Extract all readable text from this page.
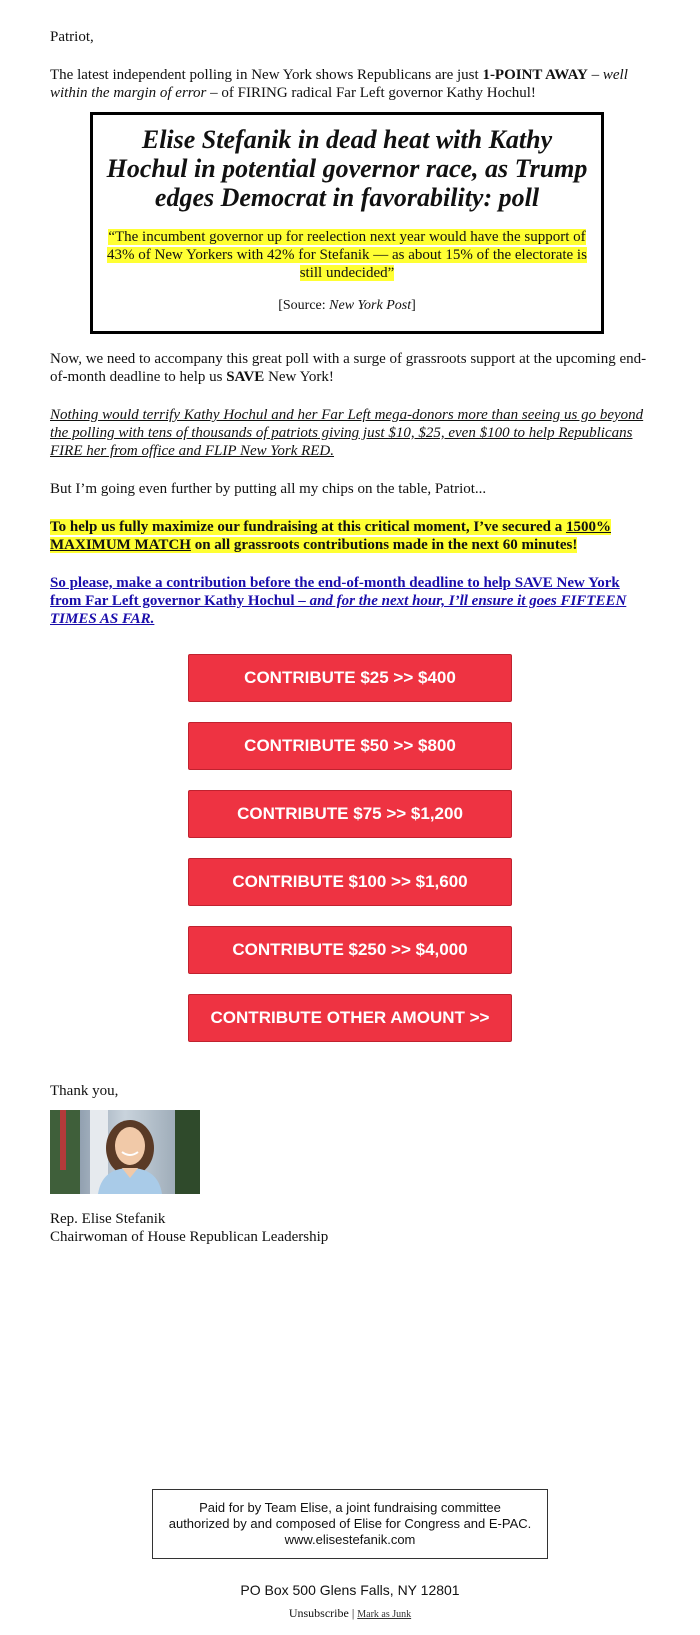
Patriot,

The latest independent polling in New York shows Republicans are just 1-POINT AWAY – well within the margin of error – of FIRING radical Far Left governor Kathy Hochul!

Elise Stefanik in dead heat with Kathy Hochul in potential governor race, as Trump edges Democrat in favorability: poll
“The incumbent governor up for reelection next year would have the support of 43% of New Yorkers with 42% for Stefanik — as about 15% of the electorate is still undecided”
[Source: New York Post]

Now, we need to accompany this great poll with a surge of grassroots support at the upcoming end-of-month deadline to help us SAVE New York!

Nothing would terrify Kathy Hochul and her Far Left mega-donors more than seeing us go beyond the polling with tens of thousands of patriots giving just $10, $25, even $100 to help Republicans FIRE her from office and FLIP New York RED.

But I’m going even further by putting all my chips on the table, Patriot...

To help us fully maximize our fundraising at this critical moment, I’ve secured a 1500% MAXIMUM MATCH on all grassroots contributions made in the next 60 minutes!

So please, make a contribution before the end-of-month deadline to help SAVE New York from Far Left governor Kathy Hochul – and for the next hour, I’ll ensure it goes FIFTEEN TIMES AS FAR.

CONTRIBUTE $25 >> $400
CONTRIBUTE $50 >> $800
CONTRIBUTE $75 >> $1,200
CONTRIBUTE $100 >> $1,600
CONTRIBUTE $250 >> $4,000
CONTRIBUTE OTHER AMOUNT >>

Thank you,

Rep. Elise Stefanik
Chairwoman of House Republican Leadership

Paid for by Team Elise, a joint fundraising committee authorized by and composed of Elise for Congress and E-PAC. www.elisestefanik.com
PO Box 500 Glens Falls, NY 12801
Unsubscribe | Mark as Junk
